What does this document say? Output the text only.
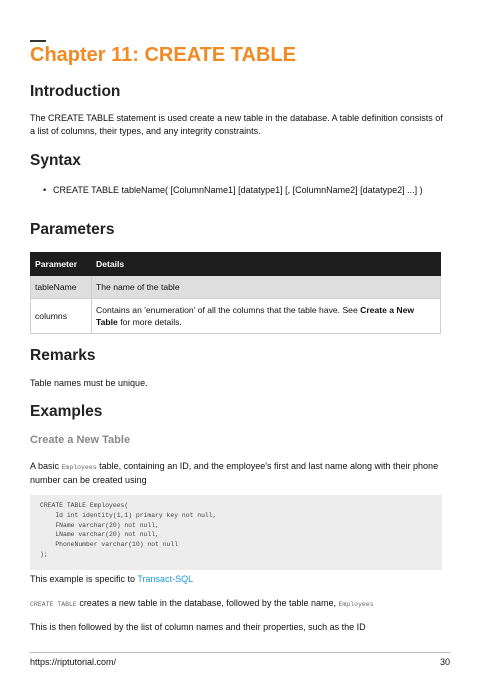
Chapter 11: CREATE TABLE
Introduction

The CREATE TABLE statement is used create a new table in the database. A table definition consists of a list of columns, their types, and any integrity constraints.

Syntax
• CREATE TABLE tableName( [ColumnName1] [datatype1] [, [ColumnName2] [datatype2] ...] )
Parameters
Parameter	Details
tableName	The name of the table
columns	Contains an 'enumeration' of all the columns that the table have. See Create a New Table for more details.
Remarks

Table names must be unique.

Examples
Create a New Table

A basic Employees table, containing an ID, and the employee's first and last name along with their phone number can be created using

CREATE TABLE Employees(
Id int identity(1,1) primary key not null,
FName varchar(20) not null,
LName varchar(20) not null,
PhoneNumber varchar(10) not null
);

This example is specific to Transact-SQL

CREATE TABLE creates a new table in the database, followed by the table name, Employees

This is then followed by the list of column names and their properties, such as the ID

https://riptutorial.com/	30
